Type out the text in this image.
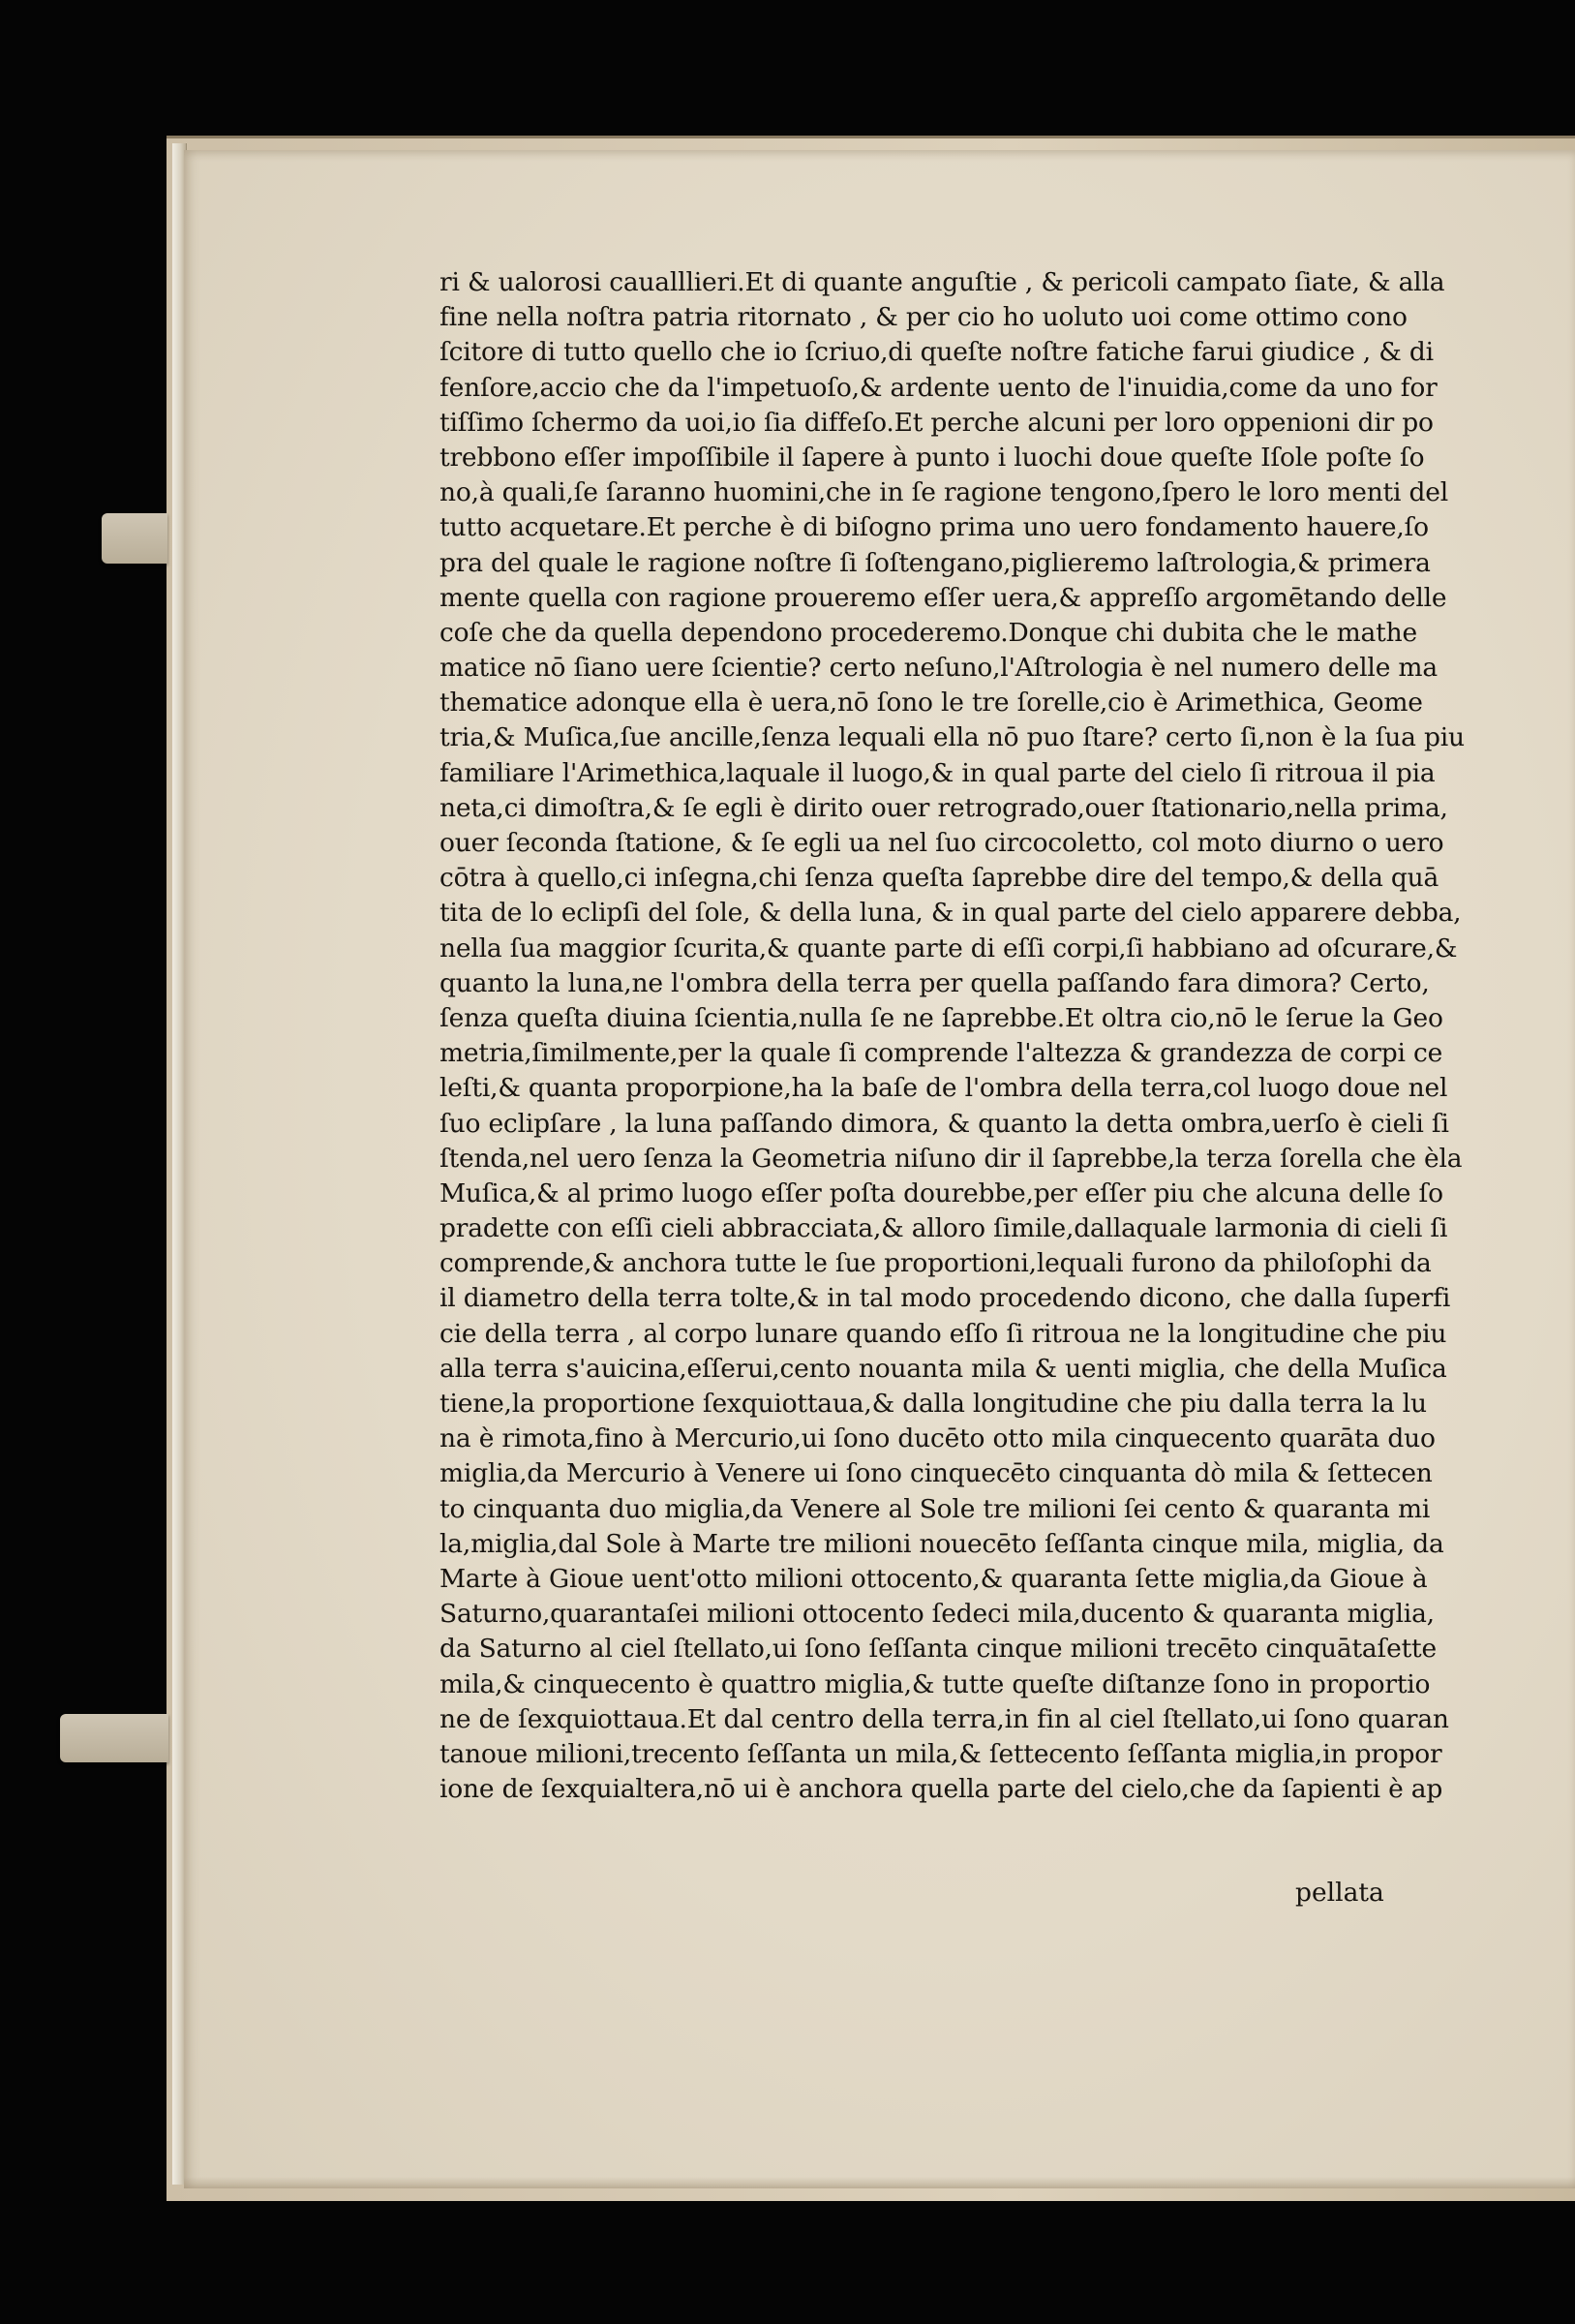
ri & ualorosi caualllieri.Et di quante anguſtie , & pericoli campato ſiate, & alla
fine nella noſtra patria ritornato , & per cio ho uoluto uoi come ottimo cono
ſcitore di tutto quello che io ſcriuo,di queſte noſtre fatiche farui giudice , & di
fenſore,accio che da l'impetuoſo,& ardente uento de l'inuidia,come da uno for
tiſſimo ſchermo da uoi,io ſia diffeſo.Et perche alcuni per loro oppenioni dir po
trebbono eſſer impoſſibile il ſapere à punto i luochi doue queſte Iſole poſte ſo
no,à quali,ſe ſaranno huomini,che in ſe ragione tengono,ſpero le loro menti del
tutto acquetare.Et perche è di biſogno prima uno uero fondamento hauere,ſo
pra del quale le ragione noſtre ſi ſoſtengano,piglieremo laſtrologia,& primera
mente quella con ragione proueremo eſſer uera,& appreſſo argomētando delle
coſe che da quella dependono procederemo.Donque chi dubita che le mathe
matice nō ſiano uere ſcientie? certo neſuno,l'Aſtrologia è nel numero delle ma
thematice adonque ella è uera,nō ſono le tre ſorelle,cio è Arimethica, Geome
tria,& Muſica,ſue ancille,ſenza lequali ella nō puo ſtare? certo ſi,non è la ſua piu
familiare l'Arimethica,laquale il luogo,& in qual parte del cielo ſi ritroua il pia
neta,ci dimoſtra,& ſe egli è dirito ouer retrogrado,ouer ſtationario,nella prima,
ouer ſeconda ſtatione, & ſe egli ua nel ſuo circocoletto, col moto diurno o uero
cōtra à quello,ci inſegna,chi ſenza queſta ſaprebbe dire del tempo,& della quā
tita de lo eclipſi del ſole, & della luna, & in qual parte del cielo apparere debba,
nella ſua maggior ſcurita,& quante parte di eſſi corpi,ſi habbiano ad oſcurare,&
quanto la luna,ne l'ombra della terra per quella paſſando fara dimora? Certo,
ſenza queſta diuina ſcientia,nulla ſe ne ſaprebbe.Et oltra cio,nō le ſerue la Geo
metria,ſimilmente,per la quale ſi comprende l'altezza & grandezza de corpi ce
leſti,& quanta proporpione,ha la baſe de l'ombra della terra,col luogo doue nel
ſuo eclipſare , la luna paſſando dimora, & quanto la detta ombra,uerſo è cieli ſi
ſtenda,nel uero ſenza la Geometria niſuno dir il ſaprebbe,la terza ſorella che èla
Muſica,& al primo luogo eſſer poſta dourebbe,per eſſer piu che alcuna delle ſo
pradette con eſſi cieli abbracciata,& alloro ſimile,dallaquale larmonia di cieli ſi
comprende,& anchora tutte le ſue proportioni,lequali furono da philoſophi da
il diametro della terra tolte,& in tal modo procedendo dicono, che dalla ſuperfi
cie della terra , al corpo lunare quando eſſo ſi ritroua ne la longitudine che piu
alla terra s'auicina,eſſerui,cento nouanta mila & uenti miglia, che della Muſica
tiene,la proportione ſexquiottaua,& dalla longitudine che piu dalla terra la lu
na è rimota,fino à Mercurio,ui ſono ducēto otto mila cinquecento quarāta duo
miglia,da Mercurio à Venere ui ſono cinquecēto cinquanta dò mila & ſettecen
to cinquanta duo miglia,da Venere al Sole tre milioni ſei cento & quaranta mi
la,miglia,dal Sole à Marte tre milioni nouecēto ſeſſanta cinque mila, miglia, da
Marte à Gioue uent'otto milioni ottocento,& quaranta ſette miglia,da Gioue à
Saturno,quarantaſei milioni ottocento ſedeci mila,ducento & quaranta miglia,
da Saturno al ciel ſtellato,ui ſono ſeſſanta cinque milioni trecēto cinquātaſette
mila,& cinquecento è quattro miglia,& tutte queſte diſtanze ſono in proportio
ne de ſexquiottaua.Et dal centro della terra,in fin al ciel ſtellato,ui ſono quaran
tanoue milioni,trecento ſeſſanta un mila,& ſettecento ſeſſanta miglia,in propor
ione de ſexquialtera,nō ui è anchora quella parte del cielo,che da ſapienti è ap
pellata
